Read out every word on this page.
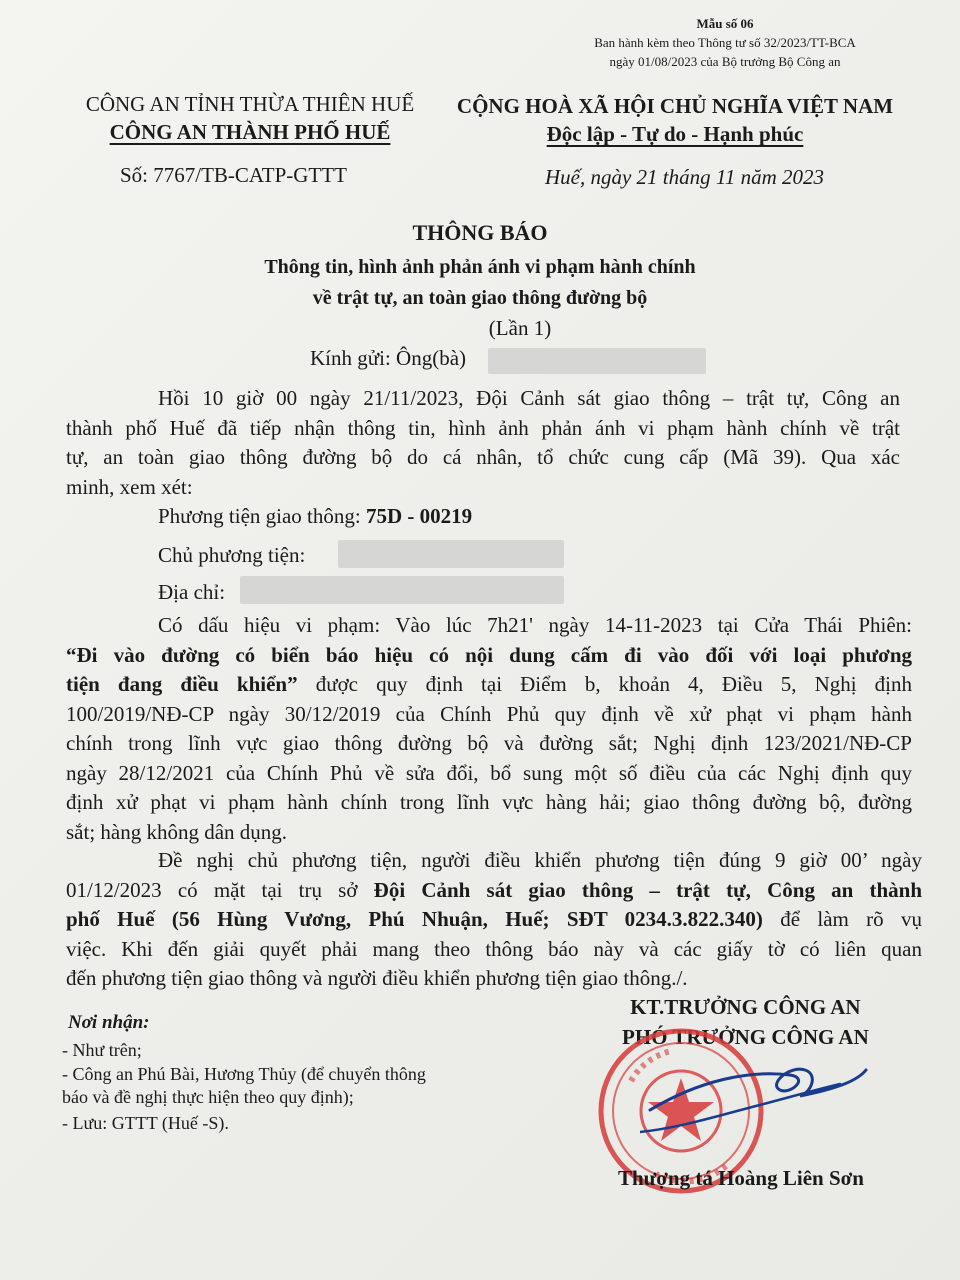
Mẫu số 06
Ban hành kèm theo Thông tư số 32/2023/TT-BCA
ngày 01/08/2023 của Bộ trưởng Bộ Công an
CÔNG AN TỈNH THỪA THIÊN HUẾ
CÔNG AN THÀNH PHỐ HUẾ
CỘNG HOÀ XÃ HỘI CHỦ NGHĨA VIỆT NAM
Độc lập - Tự do - Hạnh phúc
Số: 7767/TB-CATP-GTTT	Huế, ngày 21 tháng 11 năm 2023
THÔNG BÁO
Thông tin, hình ảnh phản ánh vi phạm hành chính
về trật tự, an toàn giao thông đường bộ
(Lần 1)
Kính gửi: Ông(bà)
Hồi 10 giờ 00 ngày 21/11/2023, Đội Cảnh sát giao thông – trật tự, Công an
thành phố Huế đã tiếp nhận thông tin, hình ảnh phản ánh vi phạm hành chính về trật
tự, an toàn giao thông đường bộ do cá nhân, tổ chức cung cấp (Mã 39). Qua xác
minh, xem xét:
Phương tiện giao thông: 75D - 00219
Chủ phương tiện:
Địa chỉ:
Có dấu hiệu vi phạm: Vào lúc 7h21' ngày 14-11-2023 tại Cửa Thái Phiên:
“Đi vào đường có biển báo hiệu có nội dung cấm đi vào đối với loại phương
tiện đang điều khiển” được quy định tại Điểm b, khoản 4, Điều 5, Nghị định
100/2019/NĐ-CP ngày 30/12/2019 của Chính Phủ quy định về xử phạt vi phạm hành
chính trong lĩnh vực giao thông đường bộ và đường sắt; Nghị định 123/2021/NĐ-CP
ngày 28/12/2021 của Chính Phủ về sửa đổi, bổ sung một số điều của các Nghị định quy
định xử phạt vi phạm hành chính trong lĩnh vực hàng hải; giao thông đường bộ, đường
sắt; hàng không dân dụng.
Đề nghị chủ phương tiện, người điều khiển phương tiện đúng 9 giờ 00’ ngày
01/12/2023 có mặt tại trụ sở Đội Cảnh sát giao thông – trật tự, Công an thành
phố Huế (56 Hùng Vương, Phú Nhuận, Huế; SĐT 0234.3.822.340) để làm rõ vụ
việc. Khi đến giải quyết phải mang theo thông báo này và các giấy tờ có liên quan
đến phương tiện giao thông và người điều khiển phương tiện giao thông./.
Nơi nhận:
- Như trên;
- Công an Phú Bài, Hương Thủy (để chuyển thông
báo và đề nghị thực hiện theo quy định);
- Lưu: GTTT (Huế -S).
KT.TRƯỞNG CÔNG AN
PHÓ TRƯỞNG CÔNG AN
Thượng tá Hoàng Liên Sơn
